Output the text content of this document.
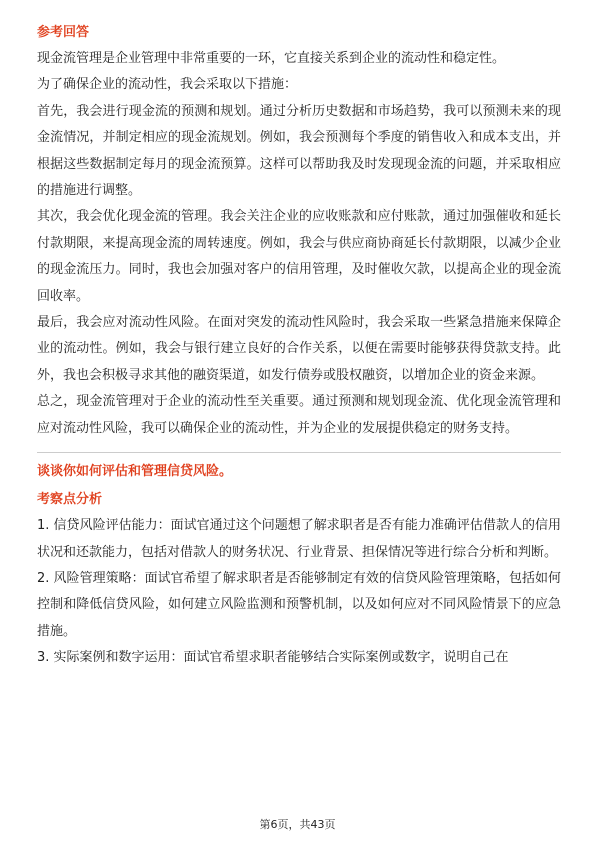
参考回答

现金流管理是企业管理中非常重要的一环，它直接关系到企业的流动性和稳定性。

为了确保企业的流动性，我会采取以下措施：

首先，我会进行现金流的预测和规划。通过分析历史数据和市场趋势，我可以预测未来的现金流情况，并制定相应的现金流规划。例如，我会预测每个季度的销售收入和成本支出，并根据这些数据制定每月的现金流预算。这样可以帮助我及时发现现金流的问题，并采取相应的措施进行调整。

其次，我会优化现金流的管理。我会关注企业的应收账款和应付账款，通过加强催收和延长付款期限，来提高现金流的周转速度。例如，我会与供应商协商延长付款期限，以减少企业的现金流压力。同时，我也会加强对客户的信用管理，及时催收欠款，以提高企业的现金流回收率。

最后，我会应对流动性风险。在面对突发的流动性风险时，我会采取一些紧急措施来保障企业的流动性。例如，我会与银行建立良好的合作关系，以便在需要时能够获得贷款支持。此外，我也会积极寻求其他的融资渠道，如发行债券或股权融资，以增加企业的资金来源。

总之，现金流管理对于企业的流动性至关重要。通过预测和规划现金流、优化现金流管理和应对流动性风险，我可以确保企业的流动性，并为企业的发展提供稳定的财务支持。

谈谈你如何评估和管理信贷风险。

考察点分析

1. 信贷风险评估能力：面试官通过这个问题想了解求职者是否有能力准确评估借款人的信用状况和还款能力，包括对借款人的财务状况、行业背景、担保情况等进行综合分析和判断。

2. 风险管理策略：面试官希望了解求职者是否能够制定有效的信贷风险管理策略，包括如何控制和降低信贷风险，如何建立风险监测和预警机制，以及如何应对不同风险情景下的应急措施。

3. 实际案例和数字运用：面试官希望求职者能够结合实际案例或数字，说明自己在

第6页，共43页
